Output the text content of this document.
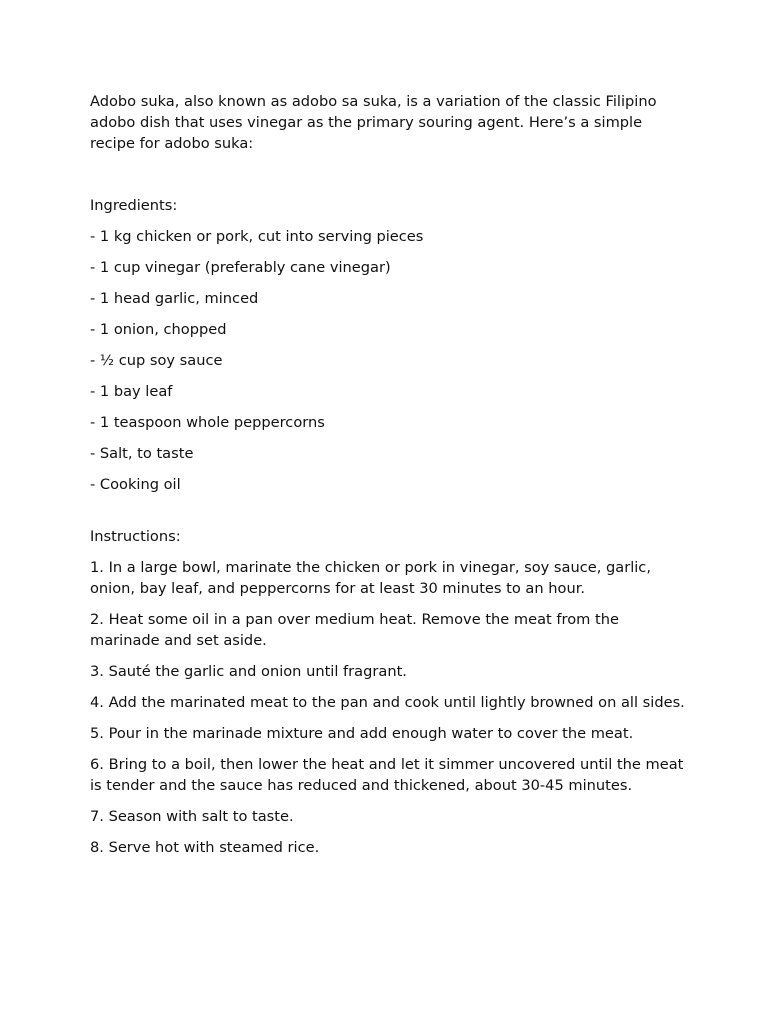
Adobo suka, also known as adobo sa suka, is a variation of the classic Filipino adobo dish that uses vinegar as the primary souring agent. Here’s a simple recipe for adobo suka:

Ingredients:

- 1 kg chicken or pork, cut into serving pieces
- 1 cup vinegar (preferably cane vinegar)
- 1 head garlic, minced
- 1 onion, chopped
- ½ cup soy sauce
- 1 bay leaf
- 1 teaspoon whole peppercorns
- Salt, to taste
- Cooking oil

Instructions:

1. In a large bowl, marinate the chicken or pork in vinegar, soy sauce, garlic, onion, bay leaf, and peppercorns for at least 30 minutes to an hour.
2. Heat some oil in a pan over medium heat. Remove the meat from the marinade and set aside.
3. Sauté the garlic and onion until fragrant.
4. Add the marinated meat to the pan and cook until lightly browned on all sides.
5. Pour in the marinade mixture and add enough water to cover the meat.
6. Bring to a boil, then lower the heat and let it simmer uncovered until the meat is tender and the sauce has reduced and thickened, about 30-45 minutes.
7. Season with salt to taste.
8. Serve hot with steamed rice.
